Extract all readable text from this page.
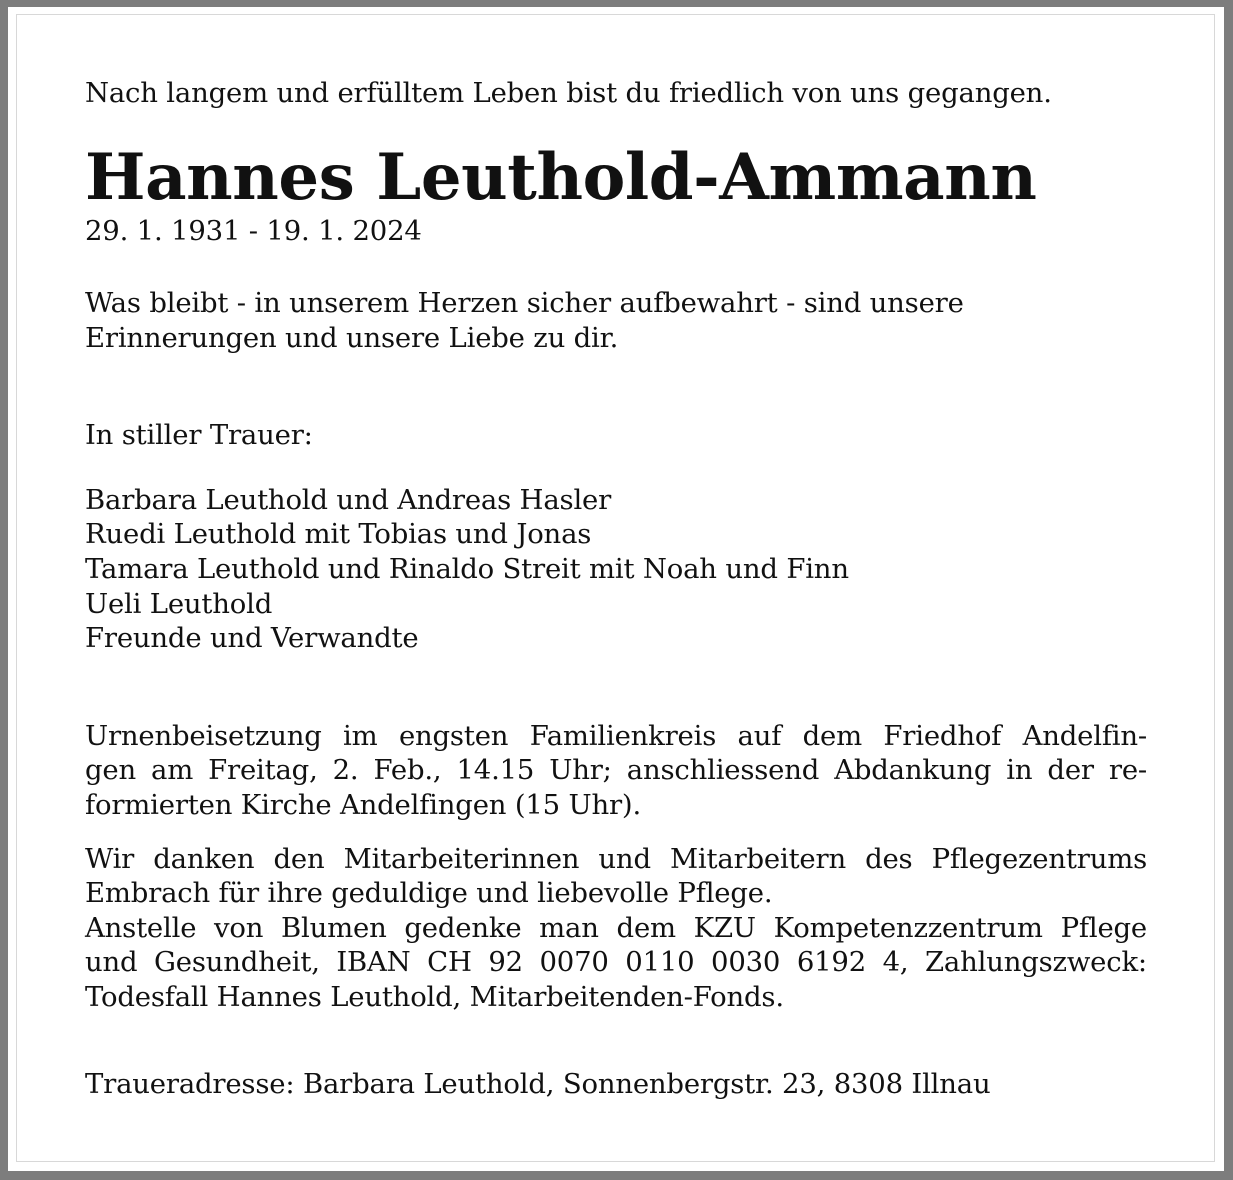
Nach langem und erfülltem Leben bist du friedlich von uns gegangen.

Hannes Leuthold-Ammann

29. 1. 1931 - 19. 1. 2024

Was bleibt - in unserem Herzen sicher aufbewahrt - sind unsere
Erinnerungen und unsere Liebe zu dir.

In stiller Trauer:

Barbara Leuthold und Andreas Hasler
Ruedi Leuthold mit Tobias und Jonas
Tamara Leuthold und Rinaldo Streit mit Noah und Finn
Ueli Leuthold
Freunde und Verwandte

Urnenbeisetzung im engsten Familienkreis auf dem Friedhof Andelfin-
gen am Freitag, 2. Feb., 14.15 Uhr; anschliessend Abdankung in der re-
formierten Kirche Andelfingen (15 Uhr).

Wir danken den Mitarbeiterinnen und Mitarbeitern des Pflegezentrums
Embrach für ihre geduldige und liebevolle Pflege.
Anstelle von Blumen gedenke man dem KZU Kompetenzzentrum Pflege
und Gesundheit, IBAN CH 92 0070 0110 0030 6192 4, Zahlungszweck:
Todesfall Hannes Leuthold, Mitarbeitenden-Fonds.

Traueradresse: Barbara Leuthold, Sonnenbergstr. 23, 8308 Illnau
